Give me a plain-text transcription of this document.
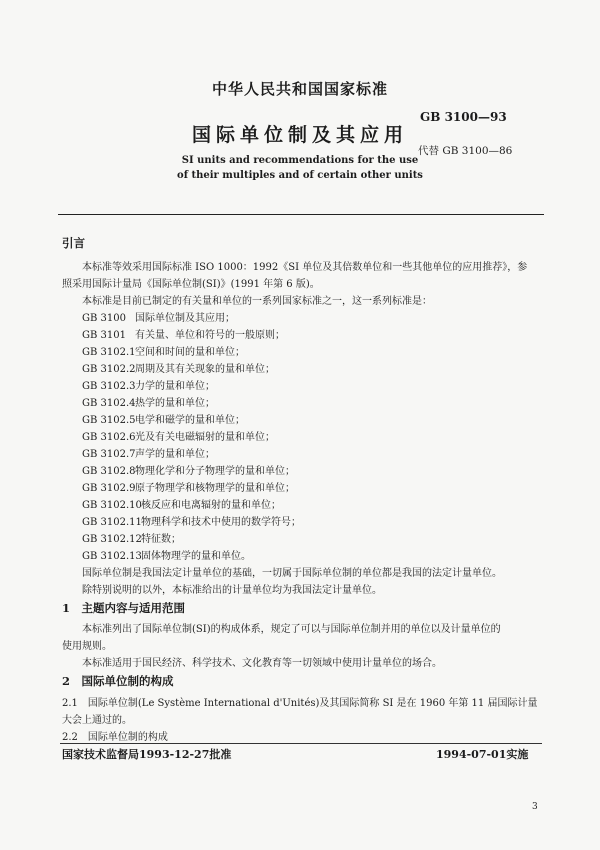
中华人民共和国国家标准
国际单位制及其应用
GB 3100—93
代替 GB 3100—86
SI units and recommendations for the use
of their multiples and of certain other units
引言
本标准等效采用国际标准 ISO 1000：1992《SI 单位及其倍数单位和一些其他单位的应用推荐》，参
照采用国际计量局《国际单位制(SI)》(1991 年第 6 版)。
本标准是目前已制定的有关量和单位的一系列国家标准之一，这一系列标准是：
GB 3100 国际单位制及其应用；
GB 3101 有关量、单位和符号的一般原则；
GB 3102.1空间和时间的量和单位；
GB 3102.2周期及其有关现象的量和单位；
GB 3102.3力学的量和单位；
GB 3102.4热学的量和单位；
GB 3102.5电学和磁学的量和单位；
GB 3102.6光及有关电磁辐射的量和单位；
GB 3102.7声学的量和单位；
GB 3102.8物理化学和分子物理学的量和单位；
GB 3102.9原子物理学和核物理学的量和单位；
GB 3102.10核反应和电离辐射的量和单位；
GB 3102.11物理科学和技术中使用的数学符号；
GB 3102.12特征数；
GB 3102.13固体物理学的量和单位。
国际单位制是我国法定计量单位的基础，一切属于国际单位制的单位都是我国的法定计量单位。
除特别说明的以外，本标准给出的计量单位均为我国法定计量单位。
1　主题内容与适用范围
本标准列出了国际单位制(SI)的构成体系，规定了可以与国际单位制并用的单位以及计量单位的
使用规则。
本标准适用于国民经济、科学技术、文化教育等一切领域中使用计量单位的场合。
2　国际单位制的构成
2.1　国际单位制(Le Système International d'Unités)及其国际简称 SI 是在 1960 年第 11 届国际计量
大会上通过的。
2.2　国际单位制的构成
国家技术监督局1993-12-27批准	1994-07-01实施
3
